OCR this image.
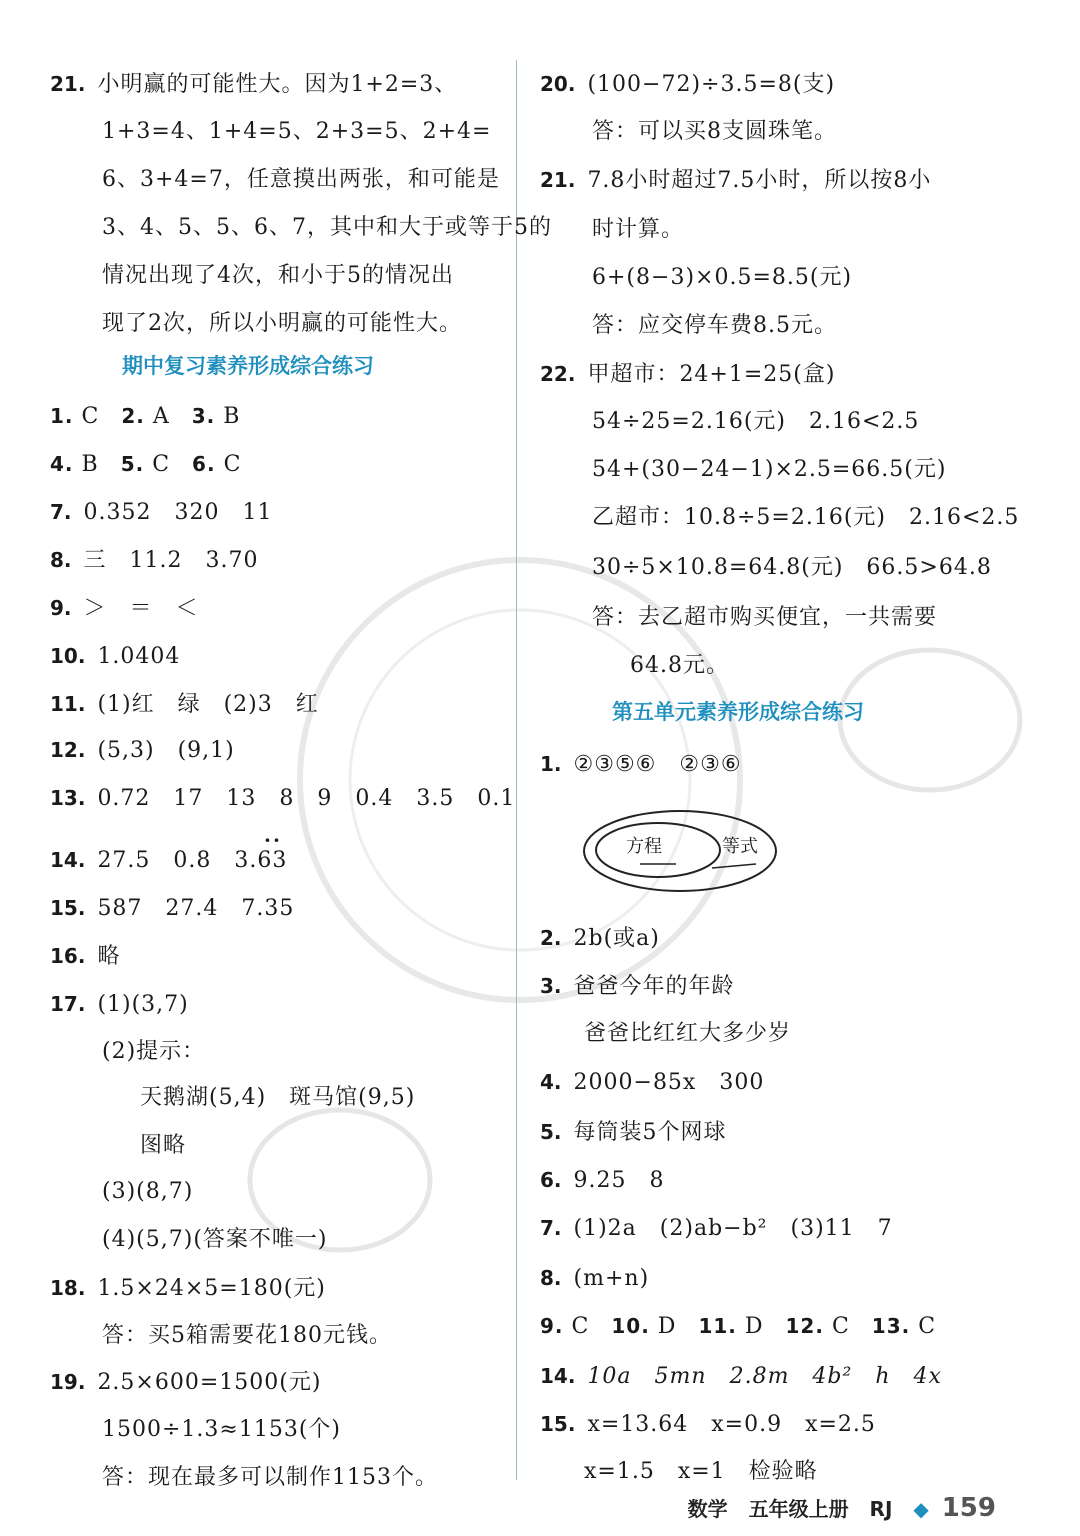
21. 小明赢的可能性大。因为1+2=3、
1+3=4、1+4=5、2+3=5、2+4=
6、3+4=7，任意摸出两张，和可能是
3、4、5、5、6、7，其中和大于或等于5的
情况出现了4次，和小于5的情况出
现了2次，所以小明赢的可能性大。
期中复习素养形成综合练习
1. C 2. A 3. B
4. B 5. C 6. C
7. 0.352　320　11
8. 三　11.2　3.70
9. ＞　＝　＜
10. 1.0404
11. (1)红　绿　(2)3　红
12. (5,3)　(9,1)
13. 0.72　17　13　8　9　0.4　3.5　0.1
··
14. 27.5　0.8　3.63
15. 587　27.4　7.35
16. 略
17. (1)(3,7)
(2)提示：
天鹅湖(5,4)　斑马馆(9,5)
图略
(3)(8,7)
(4)(5,7)(答案不唯一)
18. 1.5×24×5=180(元)
答：买5箱需要花180元钱。
19. 2.5×600=1500(元)
1500÷1.3≈1153(个)
答：现在最多可以制作1153个。
20. (100−72)÷3.5=8(支)
答：可以买8支圆珠笔。
21. 7.8小时超过7.5小时，所以按8小
时计算。
6+(8−3)×0.5=8.5(元)
答：应交停车费8.5元。
22. 甲超市：24+1=25(盒)
54÷25=2.16(元)　2.16<2.5
54+(30−24−1)×2.5=66.5(元)
乙超市：10.8÷5=2.16(元)　2.16<2.5
30÷5×10.8=64.8(元)　66.5>64.8
答：去乙超市购买便宜，一共需要
64.8元。
第五单元素养形成综合练习
1. ②③⑤⑥　②③⑥
方程	等式
2. 2b(或a)
3. 爸爸今年的年龄
爸爸比红红大多少岁
4. 2000−85x　300
5. 每筒装5个网球
6. 9.25　8
7. (1)2a　(2)ab−b²　(3)11　7
8. (m+n)
9. C 10. D 11. D 12. C 13. C
14. 10a　5mn　2.8m　4b²　h　4x
15. x=13.64　x=0.9　x=2.5
x=1.5　x=1　检验略
数学 五年级上册 RJ ◆ 159
